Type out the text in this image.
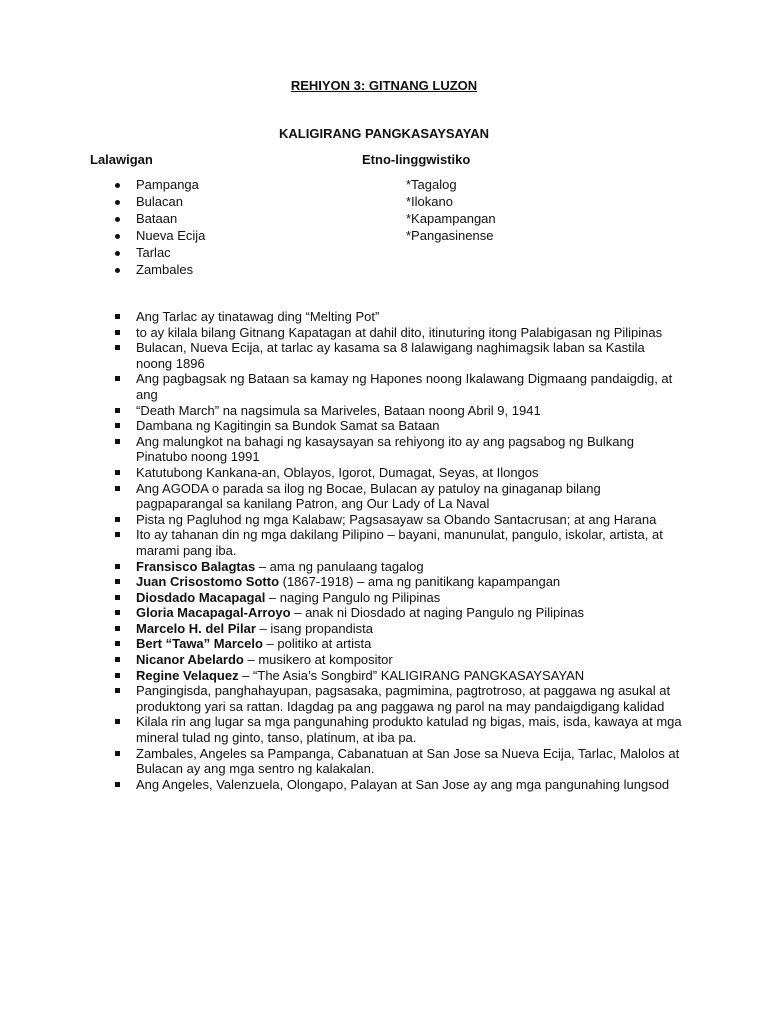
REHIYON 3: GITNANG LUZON
KALIGIRANG PANGKASAYSAYAN
Lalawigan	Etno-linggwistiko
Pampanga
Bulacan
Bataan
Nueva Ecija
Tarlac
Zambales
*Tagalog
*Ilokano
*Kapampangan
*Pangasinense
Ang Tarlac ay tinatawag ding “Melting Pot”
to ay kilala bilang Gitnang Kapatagan at dahil dito, itinuturing itong Palabigasan ng Pilipinas
Bulacan, Nueva Ecija, at tarlac ay kasama sa 8 lalawigang naghimagsik laban sa Kastila noong 1896
Ang pagbagsak ng Bataan sa kamay ng Hapones noong Ikalawang Digmaang pandaigdig, at ang
“Death March” na nagsimula sa Mariveles, Bataan noong Abril 9, 1941
Dambana ng Kagitingin sa Bundok Samat sa Bataan
Ang malungkot na bahagi ng kasaysayan sa rehiyong ito ay ang pagsabog ng Bulkang Pinatubo noong 1991
Katutubong Kankana-an, Oblayos, Igorot, Dumagat, Seyas, at Ilongos
Ang AGODA o parada sa ilog ng Bocae, Bulacan ay patuloy na ginaganap bilang pagpaparangal sa kanilang Patron, ang Our Lady of La Naval
Pista ng Pagluhod ng mga Kalabaw; Pagsasayaw sa Obando Santacrusan; at ang Harana
Ito ay tahanan din ng mga dakilang Pilipino – bayani, manunulat, pangulo, iskolar, artista, at marami pang iba.
Fransisco Balagtas – ama ng panulaang tagalog
Juan Crisostomo Sotto (1867-1918) – ama ng panitikang kapampangan
Diosdado Macapagal – naging Pangulo ng Pilipinas
Gloria Macapagal-Arroyo – anak ni Diosdado at naging Pangulo ng Pilipinas
Marcelo H. del Pilar – isang propandista
Bert “Tawa” Marcelo – politiko at artista
Nicanor Abelardo – musikero at kompositor
Regine Velaquez – “The Asia’s Songbird” KALIGIRANG PANGKASAYSAYAN
Pangingisda, panghahayupan, pagsasaka, pagmimina, pagtrotroso, at paggawa ng asukal at produktong yari sa rattan. Idagdag pa ang paggawa ng parol na may pandaigdigang kalidad
Kilala rin ang lugar sa mga pangunahing produkto katulad ng bigas, mais, isda, kawaya at mga mineral tulad ng ginto, tanso, platinum, at iba pa.
Zambales, Angeles sa Pampanga, Cabanatuan at San Jose sa Nueva Ecija, Tarlac, Malolos at Bulacan ay ang mga sentro ng kalakalan.
Ang Angeles, Valenzuela, Olongapo, Palayan at San Jose ay ang mga pangunahing lungsod
